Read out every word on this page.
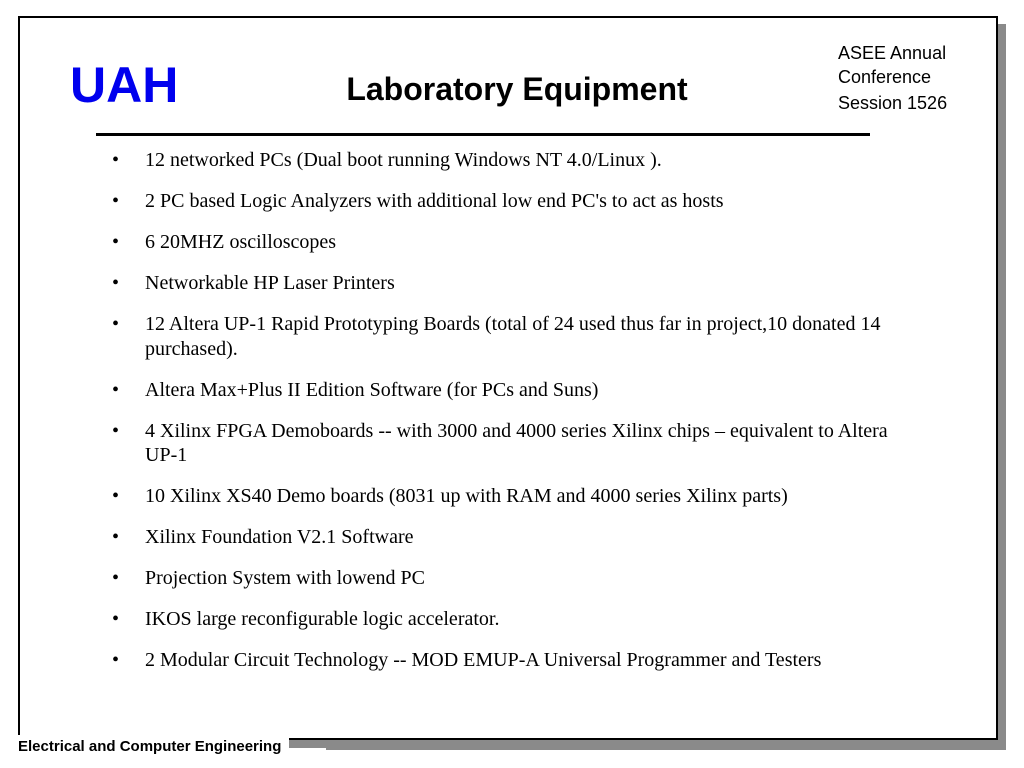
UAH	Laboratory Equipment
ASEE Annual
Conference
Session 1526
• 12 networked PCs (Dual boot running Windows NT 4.0/Linux ).
• 2 PC based Logic Analyzers with additional low end PC's to act as hosts
• 6 20MHZ oscilloscopes
• Networkable HP Laser Printers
• 12 Altera UP-1 Rapid Prototyping Boards (total of 24 used thus far in project,10 donated 14 purchased).
• Altera Max+Plus II Edition Software (for PCs and Suns)
• 4 Xilinx FPGA Demoboards -- with 3000 and 4000 series Xilinx chips – equivalent to Altera UP-1
• 10 Xilinx XS40 Demo boards (8031 up with RAM and 4000 series Xilinx parts)
• Xilinx Foundation V2.1 Software
• Projection System with lowend PC
• IKOS large reconfigurable logic accelerator.
• 2 Modular Circuit Technology -- MOD EMUP-A Universal Programmer and Testers
Electrical and Computer Engineering
